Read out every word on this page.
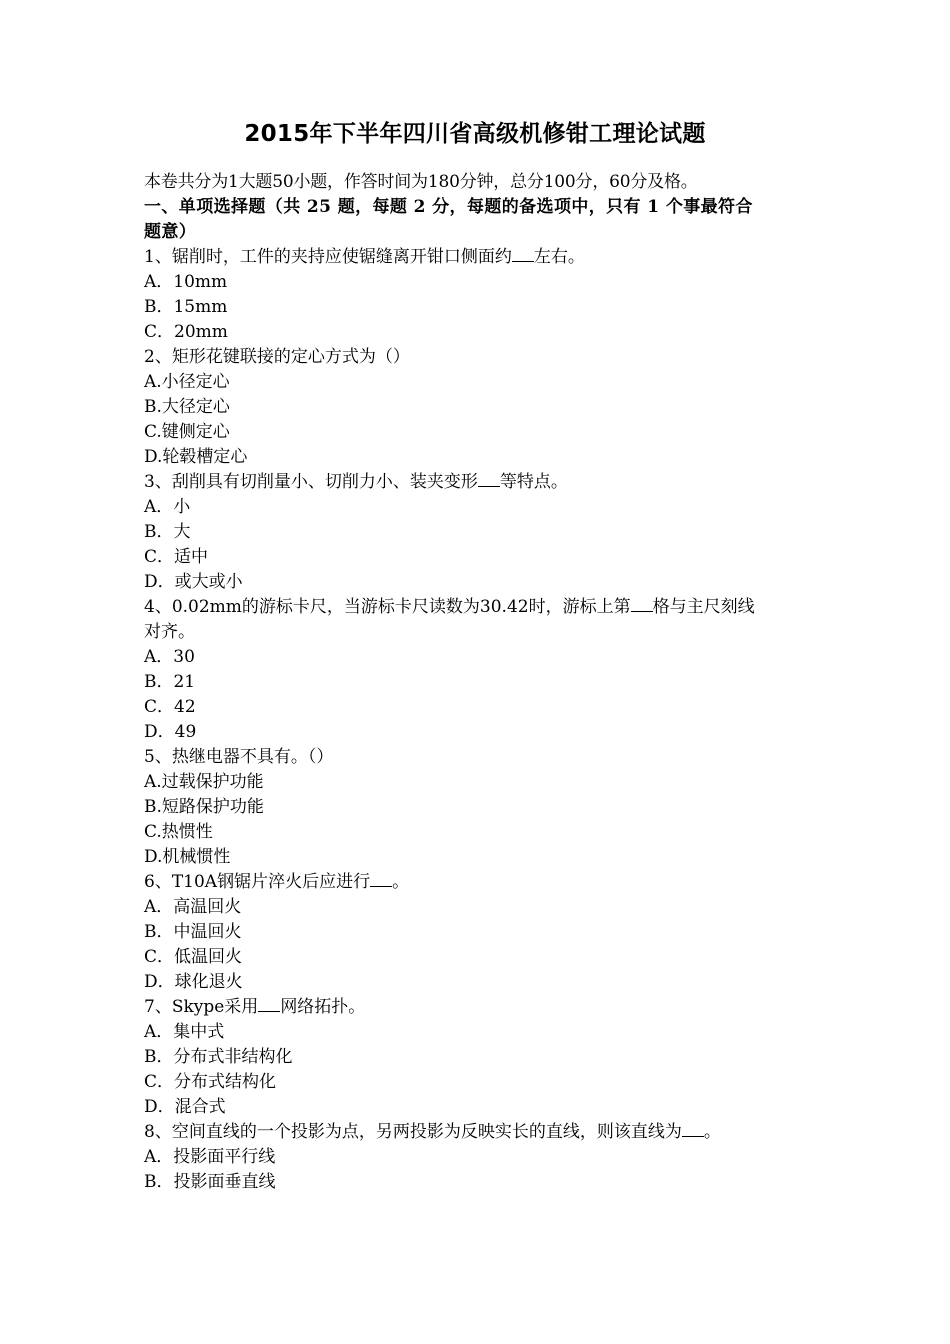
2015年下半年四川省高级机修钳工理论试题
本卷共分为1大题50小题，作答时间为180分钟，总分100分，60分及格。
一、单项选择题（共 25 题，每题 2 分，每题的备选项中，只有 1 个事最符合
题意）
1、锯削时，工件的夹持应使锯缝离开钳口侧面约 左右。
A．10mm
B．15mm
C．20mm
2、矩形花键联接的定心方式为（）
A.小径定心
B.大径定心
C.键侧定心
D.轮毂槽定心
3、刮削具有切削量小、切削力小、装夹变形 等特点。
A．小
B．大
C．适中
D．或大或小
4、0.02mm的游标卡尺，当游标卡尺读数为30.42时，游标上第 格与主尺刻线
对齐。
A．30
B．21
C．42
D．49
5、热继电器不具有。（）
A.过载保护功能
B.短路保护功能
C.热惯性
D.机械惯性
6、T10A钢锯片淬火后应进行 。
A．高温回火
B．中温回火
C．低温回火
D．球化退火
7、Skype采用 网络拓扑。
A．集中式
B．分布式非结构化
C．分布式结构化
D．混合式
8、空间直线的一个投影为点，另两投影为反映实长的直线，则该直线为 。
A．投影面平行线
B．投影面垂直线
